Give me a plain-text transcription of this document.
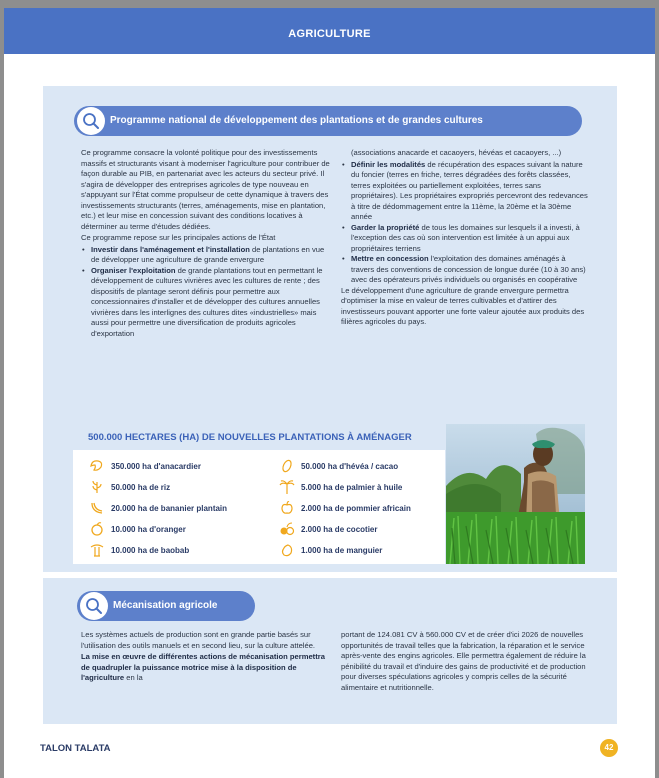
AGRICULTURE
Programme national de développement des plantations et de grandes cultures

Ce programme consacre la volonté politique pour des investissements massifs et structurants visant à moderniser l'agriculture pour contribuer de façon durable au PIB, en partenariat avec les acteurs du secteur privé. Il s'agira de développer des entreprises agricoles de type nouveau en s'appuyant sur l'État comme propulseur de cette dynamique à travers des investissements structurants (terres, aménagements, mise en plantation, etc.) et leur mise en concession suivant des conditions locatives à déterminer au terme d'études dédiées.

Ce programme repose sur les principales actions de l'État

• Investir dans l'aménagement et l'installation de plantations en vue de développer une agriculture de grande envergure
• Organiser l'exploitation de grande plantations tout en permettant le développement de cultures vivrières avec les cultures de rente ; des dispositifs de plantage seront définis pour permettre aux concessionnaires d'installer et de développer des cultures annuelles vivrières dans les interlignes des cultures dites «industrielles» mais aussi pour permettre une diversification de produits agricoles d'exportation

(associations anacarde et cacaoyers, hévéas et cacaoyers, ...)

• Définir les modalités de récupération des espaces suivant la nature du foncier (terres en friche, terres dégradées des forêts classées, terres exploitées ou partiellement exploitées, terres sans propriétaires). Les propriétaires expropriés percevront des redevances à titre de dédommagement entre la 11ème, la 20ème et la 30ème année
• Garder la propriété de tous les domaines sur lesquels il a investi, à l'exception des cas où son intervention est limitée à un appui aux propriétaires terriens
• Mettre en concession l'exploitation des domaines aménagés à travers des conventions de concession de longue durée (10 à 30 ans) avec des opérateurs privés individuels ou organisés en coopérative

Le développement d'une agriculture de grande envergure permettra d'optimiser la mise en valeur de terres cultivables et d'attirer des investisseurs pouvant apporter une forte valeur ajoutée aux produits des filières agricoles du pays.

500.000 HECTARES (HA) DE NOUVELLES PLANTATIONS À AMÉNAGER
350.000 ha d'anacardier
50.000 ha de riz
20.000 ha de bananier plantain
10.000 ha d'oranger
10.000 ha de baobab
50.000 ha d'hévéa / cacao
5.000 ha de palmier à huile
2.000 ha de pommier africain
2.000 ha de cocotier
1.000 ha de manguier
Mécanisation agricole

Les systèmes actuels de production sont en grande partie basés sur l'utilisation des outils manuels et en second lieu, sur la culture attelée.

La mise en œuvre de différentes actions de mécanisation permettra de quadrupler la puissance motrice mise à la disposition de l'agriculture en la

portant de 124.081 CV à 560.000 CV et de créer d'ici 2026 de nouvelles opportunités de travail telles que la fabrication, la réparation et le service après-vente des engins agricoles. Elle permettra également de réduire la pénibilité du travail et d'induire des gains de productivité et de production pour diverses spéculations agricoles y compris celles de la sécurité alimentaire et nutritionnelle.

TALON TALATA	42
